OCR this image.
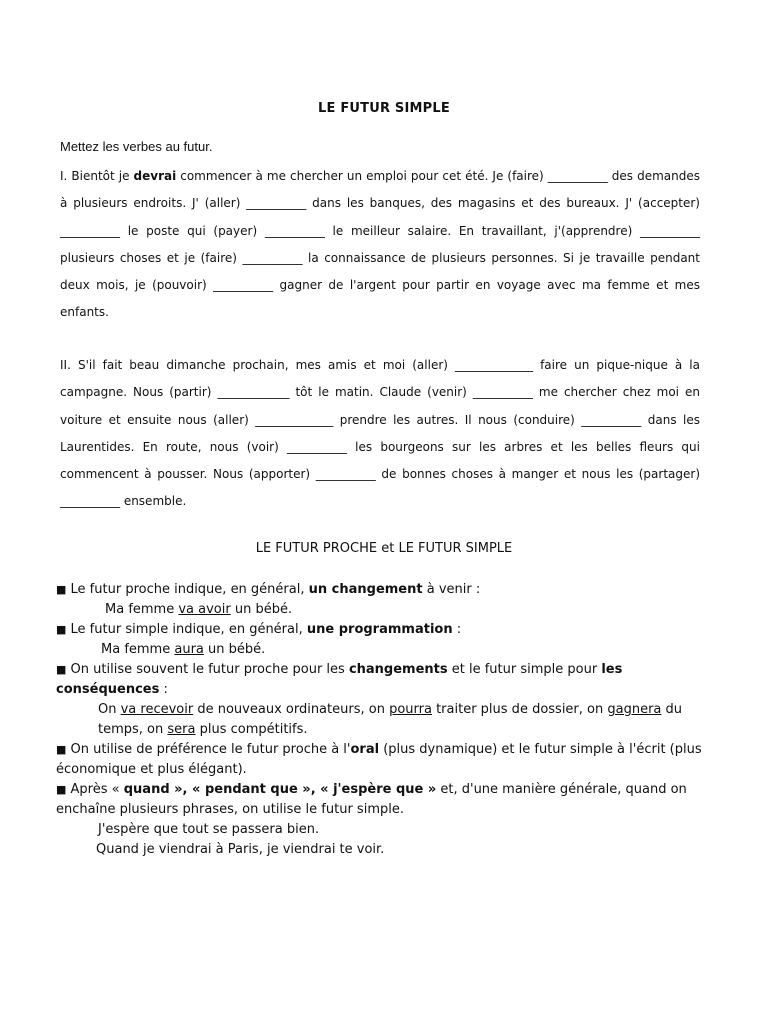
LE FUTUR SIMPLE
Mettez les verbes au futur.
I. Bientôt je devrai commencer à me chercher un emploi pour cet été. Je (faire) __________ des demandes à plusieurs endroits. J' (aller) __________ dans les banques, des magasins et des bureaux. J' (accepter) __________ le poste qui (payer) __________ le meilleur salaire. En travaillant, j'(apprendre) __________ plusieurs choses et je (faire) __________ la connaissance de plusieurs personnes. Si je travaille pendant deux mois, je (pouvoir) __________ gagner de l'argent pour partir en voyage avec ma femme et mes enfants.
II. S'il fait beau dimanche prochain, mes amis et moi (aller) _____________ faire un pique-nique à la campagne. Nous (partir) ____________ tôt le matin. Claude (venir) __________ me chercher chez moi en voiture et ensuite nous (aller) _____________ prendre les autres. Il nous (conduire) __________ dans les Laurentides. En route, nous (voir) __________ les bourgeons sur les arbres et les belles fleurs qui commencent à pousser. Nous (apporter) __________ de bonnes choses à manger et nous les (partager) __________ ensemble.
LE FUTUR PROCHE et LE FUTUR SIMPLE

■ Le futur proche indique, en général, un changement à venir :

Ma femme va avoir un bébé.

■ Le futur simple indique, en général, une programmation :

Ma femme aura un bébé.

■ On utilise souvent le futur proche pour les changements et le futur simple pour les conséquences :

On va recevoir de nouveaux ordinateurs, on pourra traiter plus de dossier, on gagnera du temps, on sera plus compétitifs.

■ On utilise de préférence le futur proche à l'oral (plus dynamique) et le futur simple à l'écrit (plus économique et plus élégant).

■ Après « quand », « pendant que », « j'espère que » et, d'une manière générale, quand on enchaîne plusieurs phrases, on utilise le futur simple.

J'espère que tout se passera bien.

Quand je viendrai à Paris, je viendrai te voir.
